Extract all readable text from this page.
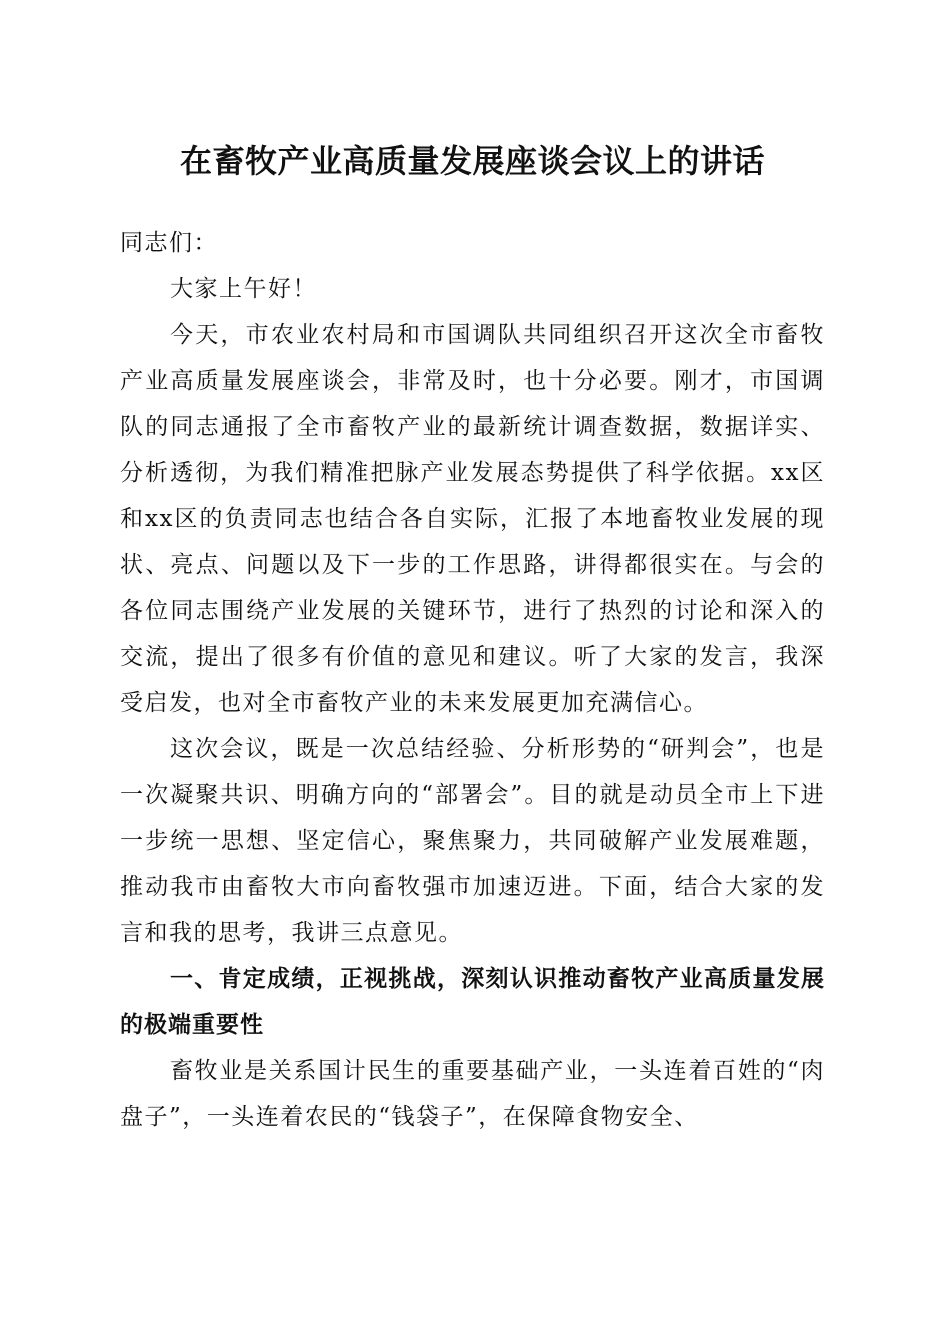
在畜牧产业高质量发展座谈会议上的讲话

同志们：

大家上午好！

今天，市农业农村局和市国调队共同组织召开这次全市畜牧产业高质量发展座谈会，非常及时，也十分必要。刚才，市国调队的同志通报了全市畜牧产业的最新统计调查数据，数据详实、分析透彻，为我们精准把脉产业发展态势提供了科学依据。xx区和xx区的负责同志也结合各自实际，汇报了本地畜牧业发展的现状、亮点、问题以及下一步的工作思路，讲得都很实在。与会的各位同志围绕产业发展的关键环节，进行了热烈的讨论和深入的交流，提出了很多有价值的意见和建议。听了大家的发言，我深受启发，也对全市畜牧产业的未来发展更加充满信心。

这次会议，既是一次总结经验、分析形势的“研判会”，也是一次凝聚共识、明确方向的“部署会”。目的就是动员全市上下进一步统一思想、坚定信心，聚焦聚力，共同破解产业发展难题，推动我市由畜牧大市向畜牧强市加速迈进。下面，结合大家的发言和我的思考，我讲三点意见。

一、肯定成绩，正视挑战，深刻认识推动畜牧产业高质量发展的极端重要性

畜牧业是关系国计民生的重要基础产业，一头连着百姓的“肉盘子”，一头连着农民的“钱袋子”，在保障食物安全、
